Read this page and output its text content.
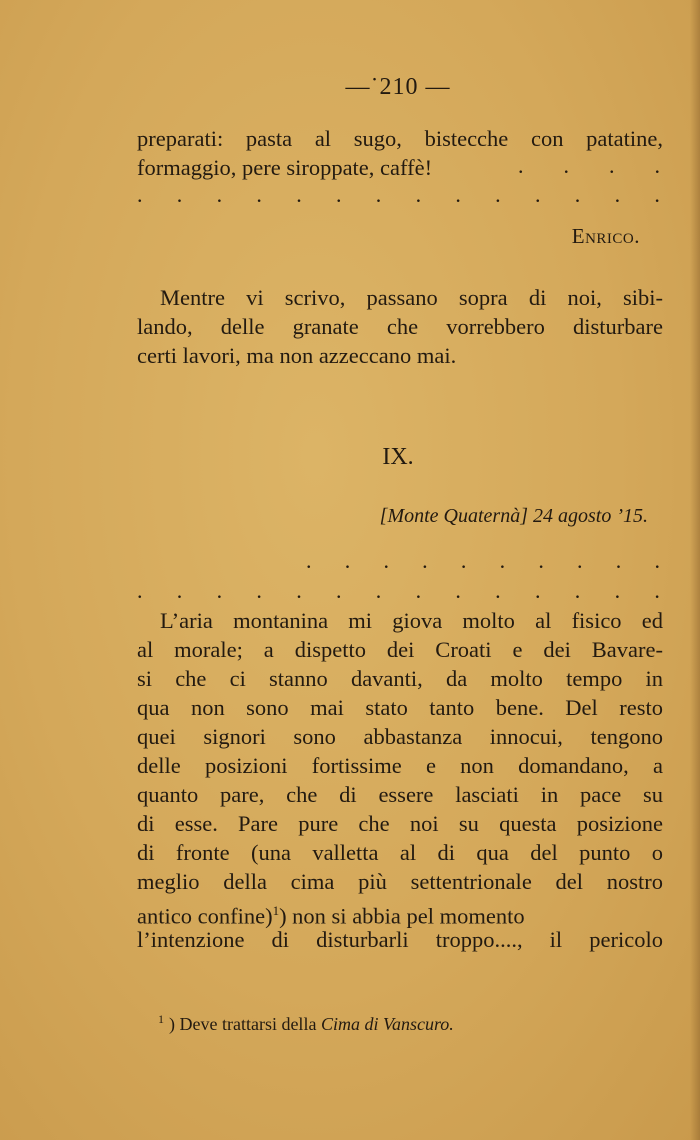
—˙210 —
preparati: pasta al sugo, bistecche con patatine,
formaggio, pere siroppate, caffè!	. . . .
. . . . . . . . . . . . . .
Enrico.
Mentre vi scrivo, passano sopra di noi, sibi-
lando, delle granate che vorrebbero disturbare
certi lavori, ma non azzeccano mai.
IX.
[Monte Quaternà] 24 agosto ’15.
. . . . . . . . . .
. . . . . . . . . . . . . .
L’aria montanina mi giova molto al fisico ed
al morale; a dispetto dei Croati e dei Bavare-
si che ci stanno davanti, da molto tempo in
qua non sono mai stato tanto bene. Del resto
quei signori sono abbastanza innocui, tengono
delle posizioni fortissime e non domandano, a
quanto pare, che di essere lasciati in pace su
di esse. Pare pure che noi su questa posizione
di fronte (una valletta al di qua del punto o
meglio della cima più settentrionale del nostro
antico confine)$^1$) non si abbia pel momento
l’intenzione di disturbarli troppo...., il pericolo
$^1$ ) Deve trattarsi della Cima di Vanscuro.
